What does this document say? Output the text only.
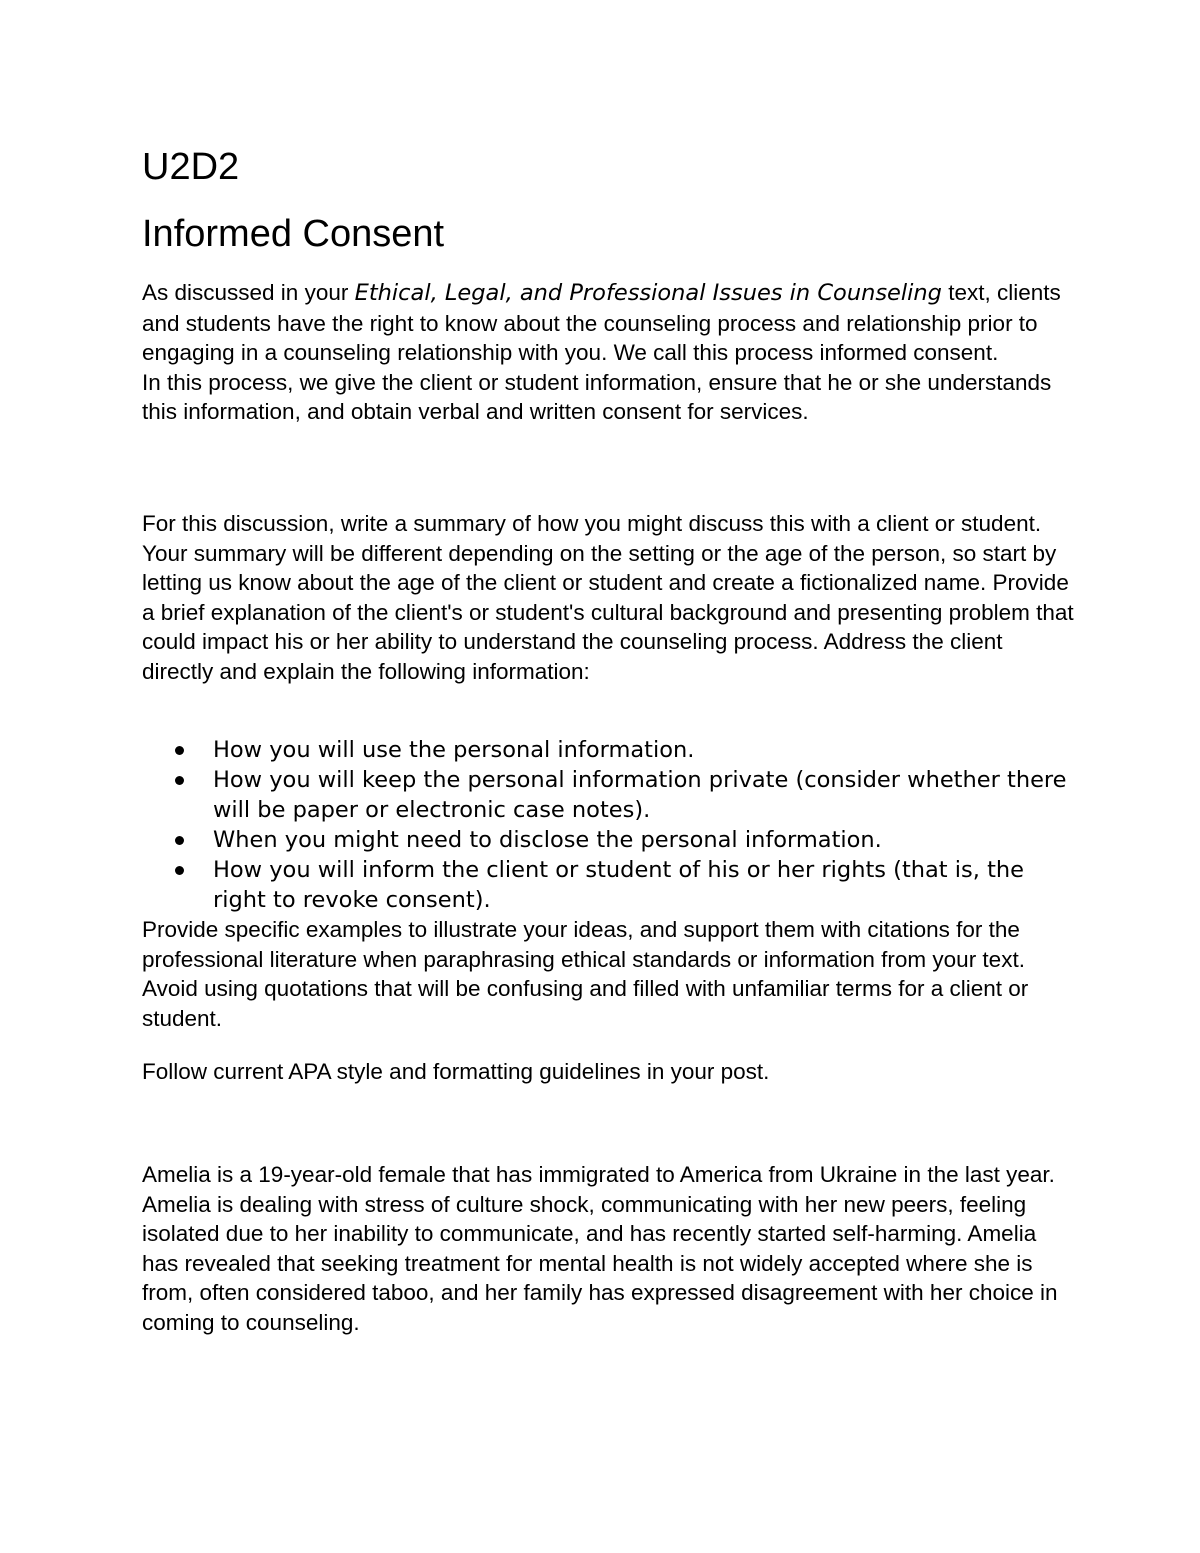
U2D2
Informed Consent
As discussed in your Ethical, Legal, and Professional Issues in Counseling text, clients and students have the right to know about the counseling process and relationship prior to engaging in a counseling relationship with you. We call this process informed consent.
In this process, we give the client or student information, ensure that he or she understands this information, and obtain verbal and written consent for services.

For this discussion, write a summary of how you might discuss this with a client or student. Your summary will be different depending on the setting or the age of the person, so start by letting us know about the age of the client or student and create a fictionalized name. Provide a brief explanation of the client's or student's cultural background and presenting problem that could impact his or her ability to understand the counseling process. Address the client directly and explain the following information:

How you will use the personal information.
How you will keep the personal information private (consider whether there will be paper or electronic case notes).
When you might need to disclose the personal information.
How you will inform the client or student of his or her rights (that is, the right to revoke consent).

Provide specific examples to illustrate your ideas, and support them with citations for the professional literature when paraphrasing ethical standards or information from your text. Avoid using quotations that will be confusing and filled with unfamiliar terms for a client or student.

Follow current APA style and formatting guidelines in your post.

Amelia is a 19-year-old female that has immigrated to America from Ukraine in the last year. Amelia is dealing with stress of culture shock, communicating with her new peers, feeling isolated due to her inability to communicate, and has recently started self-harming. Amelia has revealed that seeking treatment for mental health is not widely accepted where she is from, often considered taboo, and her family has expressed disagreement with her choice in coming to counseling.
